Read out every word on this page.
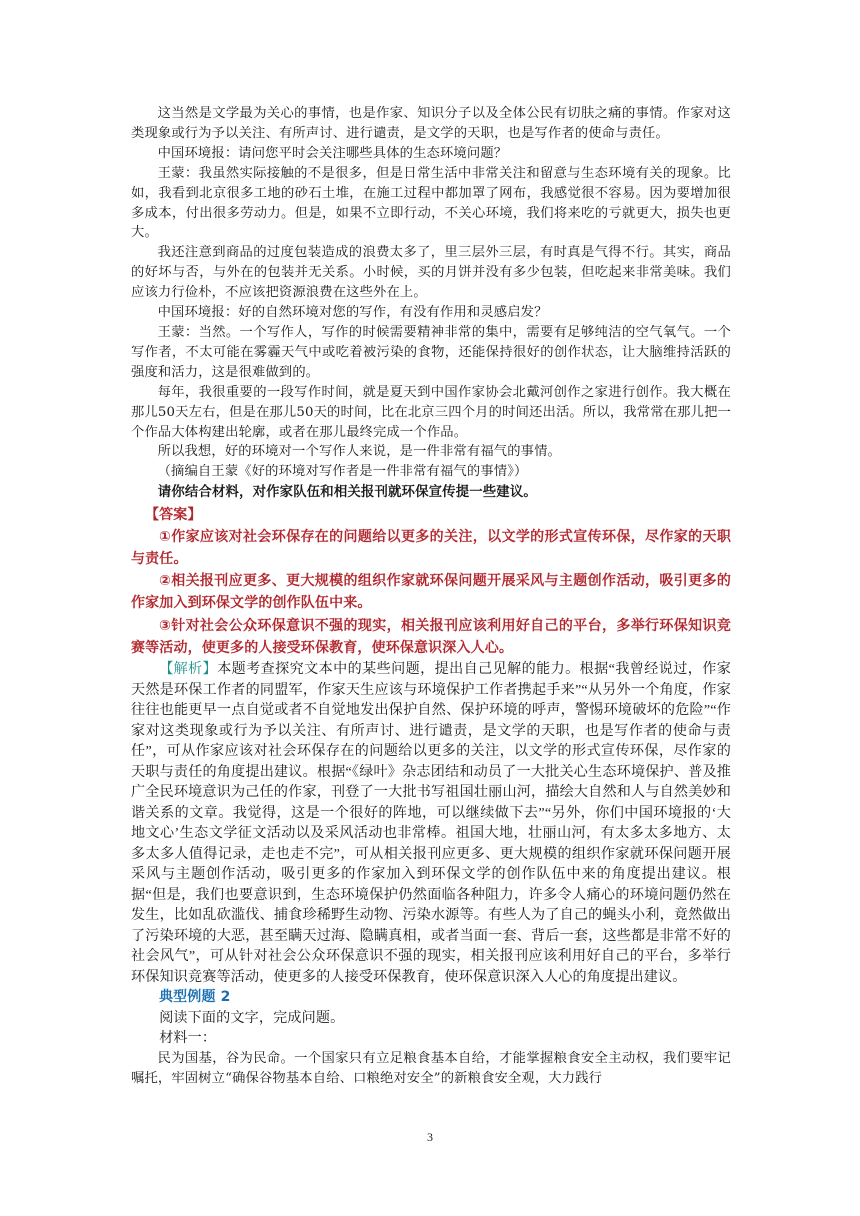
这当然是文学最为关心的事情，也是作家、知识分子以及全体公民有切肤之痛的事情。作家对这类现象或行为予以关注、有所声讨、进行谴责，是文学的天职，也是写作者的使命与责任。

中国环境报：请问您平时会关注哪些具体的生态环境问题？

王蒙：我虽然实际接触的不是很多，但是日常生活中非常关注和留意与生态环境有关的现象。比如，我看到北京很多工地的砂石土堆，在施工过程中都加罩了网布，我感觉很不容易。因为要增加很多成本，付出很多劳动力。但是，如果不立即行动，不关心环境，我们将来吃的亏就更大，损失也更大。

我还注意到商品的过度包装造成的浪费太多了，里三层外三层，有时真是气得不行。其实，商品的好坏与否，与外在的包装并无关系。小时候，买的月饼并没有多少包装，但吃起来非常美味。我们应该力行俭朴，不应该把资源浪费在这些外在上。

中国环境报：好的自然环境对您的写作，有没有作用和灵感启发？

王蒙：当然。一个写作人，写作的时候需要精神非常的集中，需要有足够纯洁的空气氧气。一个写作者，不太可能在雾霾天气中或吃着被污染的食物，还能保持很好的创作状态，让大脑维持活跃的强度和活力，这是很难做到的。

每年，我很重要的一段写作时间，就是夏天到中国作家协会北戴河创作之家进行创作。我大概在那儿50天左右，但是在那儿50天的时间，比在北京三四个月的时间还出活。所以，我常常在那儿把一个作品大体构建出轮廓，或者在那儿最终完成一个作品。

所以我想，好的环境对一个写作人来说，是一件非常有福气的事情。

（摘编自王蒙《好的环境对写作者是一件非常有福气的事情》）

请你结合材料，对作家队伍和相关报刊就环保宣传提一些建议。

【答案】

①作家应该对社会环保存在的问题给以更多的关注，以文学的形式宣传环保，尽作家的天职与责任。

②相关报刊应更多、更大规模的组织作家就环保问题开展采风与主题创作活动，吸引更多的作家加入到环保文学的创作队伍中来。

③针对社会公众环保意识不强的现实，相关报刊应该利用好自己的平台，多举行环保知识竞赛等活动，使更多的人接受环保教育，使环保意识深入人心。

【解析】本题考查探究文本中的某些问题，提出自己见解的能力。根据“我曾经说过，作家天然是环保工作者的同盟军，作家天生应该与环境保护工作者携起手来”“从另外一个角度，作家往往也能更早一点自觉或者不自觉地发出保护自然、保护环境的呼声，警惕环境破坏的危险”“作家对这类现象或行为予以关注、有所声讨、进行谴责，是文学的天职，也是写作者的使命与责任”，可从作家应该对社会环保存在的问题给以更多的关注，以文学的形式宣传环保，尽作家的天职与责任的角度提出建议。根据“《绿叶》杂志团结和动员了一大批关心生态环境保护、普及推广全民环境意识为己任的作家，刊登了一大批书写祖国壮丽山河，描绘大自然和人与自然美妙和谐关系的文章。我觉得，这是一个很好的阵地，可以继续做下去”“另外，你们中国环境报的‘大地文心’生态文学征文活动以及采风活动也非常棒。祖国大地，壮丽山河，有太多太多地方、太多太多人值得记录，走也走不完”，可从相关报刊应更多、更大规模的组织作家就环保问题开展采风与主题创作活动，吸引更多的作家加入到环保文学的创作队伍中来的角度提出建议。根据“但是，我们也要意识到，生态环境保护仍然面临各种阻力，许多令人痛心的环境问题仍然在发生，比如乱砍滥伐、捕食珍稀野生动物、污染水源等。有些人为了自己的蝇头小利，竟然做出了污染环境的大恶，甚至瞒天过海、隐瞒真相，或者当面一套、背后一套，这些都是非常不好的社会风气”，可从针对社会公众环保意识不强的现实，相关报刊应该利用好自己的平台，多举行环保知识竞赛等活动，使更多的人接受环保教育，使环保意识深入人心的角度提出建议。

典型例题 2

阅读下面的文字，完成问题。

材料一：

民为国基，谷为民命。一个国家只有立足粮食基本自给，才能掌握粮食安全主动权，我们要牢记嘱托，牢固树立“确保谷物基本自给、口粮绝对安全”的新粮食安全观，大力践行

3
